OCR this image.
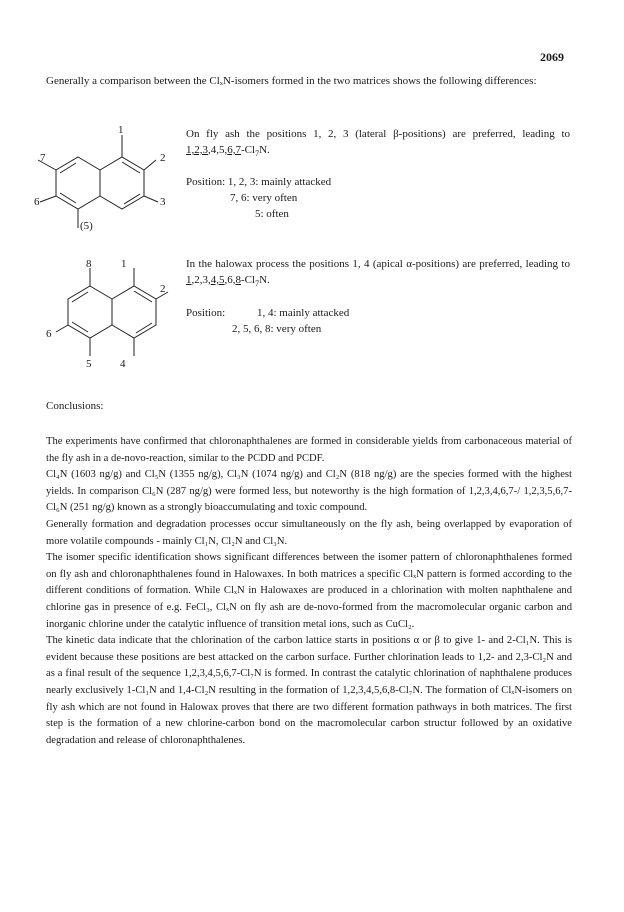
2069
Generally a comparison between the ClₓN-isomers formed in the two matrices shows the following differences:
1
2
3
7
6
(5)
On fly ash the positions 1, 2, 3 (lateral β-positions) are preferred, leading to $1,2,3,4,5,6,7-Cl_7N$.
Position: 1, 2, 3: mainly attacked
7, 6: very often
5: often
8	1
2
6
5	4
In the halowax process the positions 1, 4 (apical α-positions) are preferred, leading to $1,2,3,4,5,6,8-Cl_7N$.
Position:	1, 4: mainly attacked
2, 5, 6, 8: very often
Conclusions:

The experiments have confirmed that chloronaphthalenes are formed in considerable yields from carbonaceous material of the fly ash in a de-novo-reaction, similar to the PCDD and PCDF.

Cl₄N (1603 ng/g) and Cl₅N (1355 ng/g), Cl₃N (1074 ng/g) and Cl₂N (818 ng/g) are the species formed with the highest yields. In comparison Cl₆N (287 ng/g) were formed less, but noteworthy is the high formation of 1,2,3,4,6,7-/ 1,2,3,5,6,7-Cl₆N (251 ng/g) known as a strongly bioaccumulating and toxic compound.

Generally formation and degradation processes occur simultaneously on the fly ash, being overlapped by evaporation of more volatile compounds - mainly Cl₁N, Cl₂N and Cl₃N.

The isomer specific identification shows significant differences between the isomer pattern of chloronaphthalenes formed on fly ash and chloronaphthalenes found in Halowaxes. In both matrices a specific ClₓN pattern is formed according to the different conditions of formation. While ClₓN in Halowaxes are produced in a chlorination with molten naphthalene and chlorine gas in presence of e.g. FeCl₃, ClₓN on fly ash are de-novo-formed from the macromolecular organic carbon and inorganic chlorine under the catalytic influence of transition metal ions, such as CuCl₂.

The kinetic data indicate that the chlorination of the carbon lattice starts in positions α or β to give 1- and 2-Cl₁N. This is evident because these positions are best attacked on the carbon surface. Further chlorination leads to 1,2- and 2,3-Cl₂N and as a final result of the sequence 1,2,3,4,5,6,7-Cl₇N is formed. In contrast the catalytic chlorination of naphthalene produces nearly exclusively 1-Cl₁N and 1,4-Cl₂N resulting in the formation of 1,2,3,4,5,6,8-Cl₇N. The formation of ClₓN-isomers on fly ash which are not found in Halowax proves that there are two different formation pathways in both matrices. The first step is the formation of a new chlorine-carbon bond on the macromolecular carbon structur followed by an oxidative degradation and release of chloronaphthalenes.
